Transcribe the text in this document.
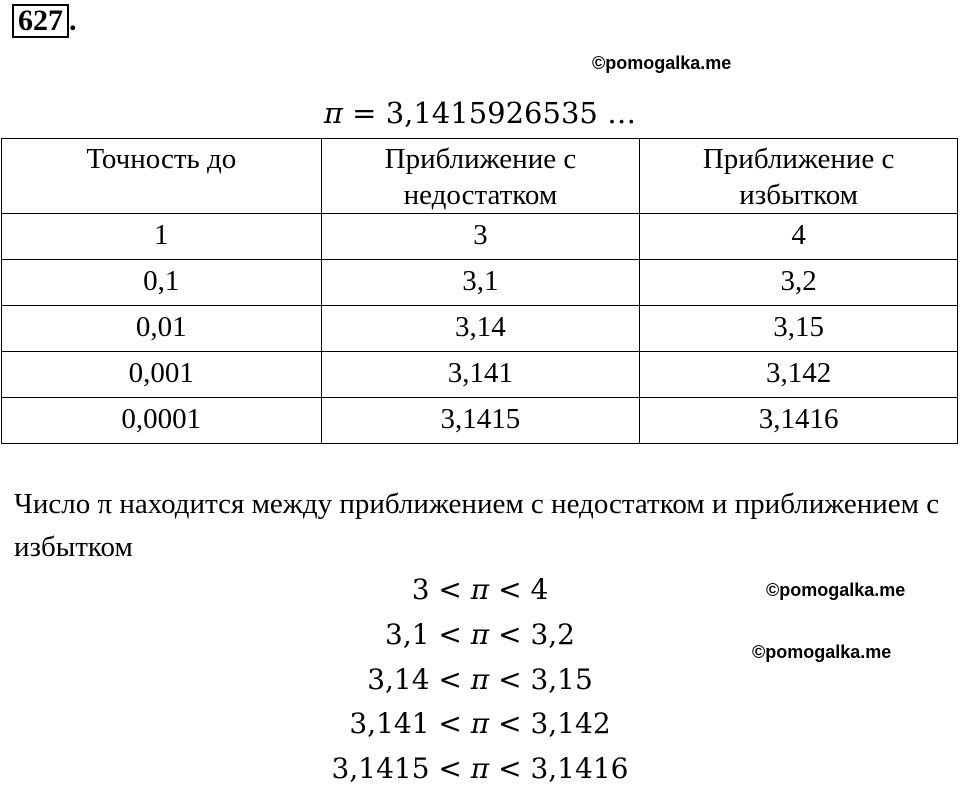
627 .
©pomogalka.me
π = 3,1415926535 …
Точность до	Приближение с недостатком	Приближение с избытком
1	3	4
0,1	3,1	3,2
0,01	3,14	3,15
0,001	3,141	3,142
0,0001	3,1415	3,1416
Число π находится между приближением с недостатком и приближением с избытком
©pomogalka.me
©pomogalka.me
3 < π < 4
3,1 < π < 3,2
3,14 < π < 3,15
3,141 < π < 3,142
3,1415 < π < 3,1416
